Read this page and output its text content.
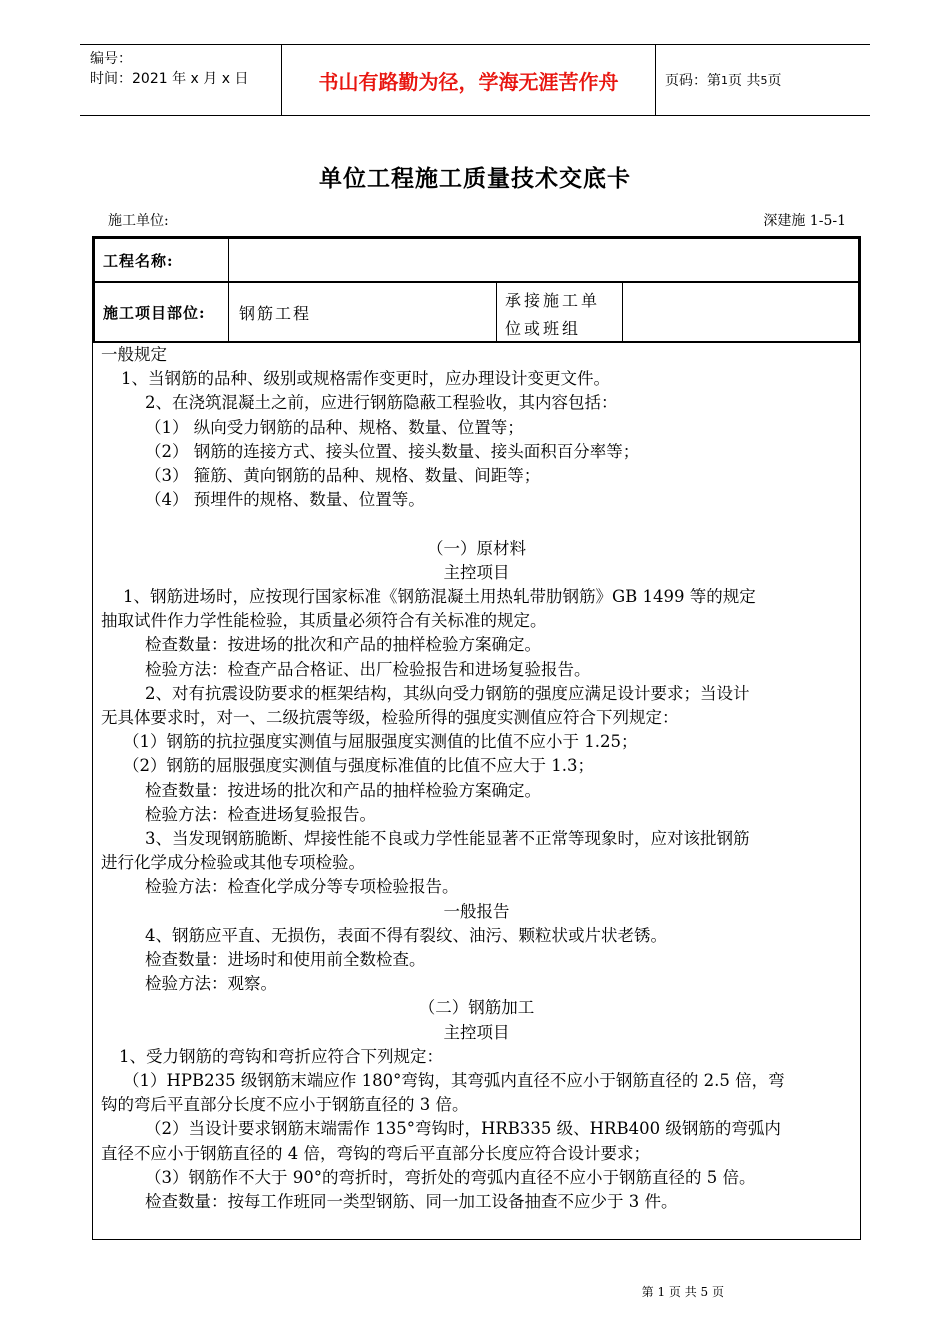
编号：
时间：2021 年 x 月 x 日	书山有路勤为径，学海无涯苦作舟	页码：第 1 页 共 5 页
单位工程施工质量技术交底卡
施工单位:	深建施 1-5-1
工程名称:
施工项目部位:	钢筋工程
承接施工单
位或班组

一般规定

1、当钢筋的品种、级别或规格需作变更时，应办理设计变更文件。

2、在浇筑混凝土之前，应进行钢筋隐蔽工程验收，其内容包括：

（1） 纵向受力钢筋的品种、规格、数量、位置等；

（2） 钢筋的连接方式、接头位置、接头数量、接头面积百分率等；

（3） 箍筋、黄向钢筋的品种、规格、数量、间距等；

（4） 预埋件的规格、数量、位置等。

（一）原材料

主控项目

1、钢筋进场时，应按现行国家标准《钢筋混凝土用热轧带肋钢筋》GB 1499 等的规定

抽取试件作力学性能检验，其质量必须符合有关标准的规定。

检查数量：按进场的批次和产品的抽样检验方案确定。

检验方法：检查产品合格证、出厂检验报告和进场复验报告。

2、对有抗震设防要求的框架结构，其纵向受力钢筋的强度应满足设计要求；当设计

无具体要求时，对一、二级抗震等级，检验所得的强度实测值应符合下列规定：

（1）钢筋的抗拉强度实测值与屈服强度实测值的比值不应小于 1.25；

（2）钢筋的屈服强度实测值与强度标准值的比值不应大于 1.3；

检查数量：按进场的批次和产品的抽样检验方案确定。

检验方法：检查进场复验报告。

3、当发现钢筋脆断、焊接性能不良或力学性能显著不正常等现象时，应对该批钢筋

进行化学成分检验或其他专项检验。

检验方法：检查化学成分等专项检验报告。

一般报告

4、钢筋应平直、无损伤，表面不得有裂纹、油污、颗粒状或片状老锈。

检查数量：进场时和使用前全数检查。

检验方法：观察。

（二）钢筋加工

主控项目

1、受力钢筋的弯钩和弯折应符合下列规定：

（1）HPB235 级钢筋末端应作 180°弯钩，其弯弧内直径不应小于钢筋直径的 2.5 倍，弯

钩的弯后平直部分长度不应小于钢筋直径的 3 倍。

（2）当设计要求钢筋末端需作 135°弯钩时，HRB335 级、HRB400 级钢筋的弯弧内

直径不应小于钢筋直径的 4 倍，弯钩的弯后平直部分长度应符合设计要求；

（3）钢筋作不大于 90°的弯折时，弯折处的弯弧内直径不应小于钢筋直径的 5 倍。

检查数量：按每工作班同一类型钢筋、同一加工设备抽查不应少于 3 件。

第 1 页 共 5 页
